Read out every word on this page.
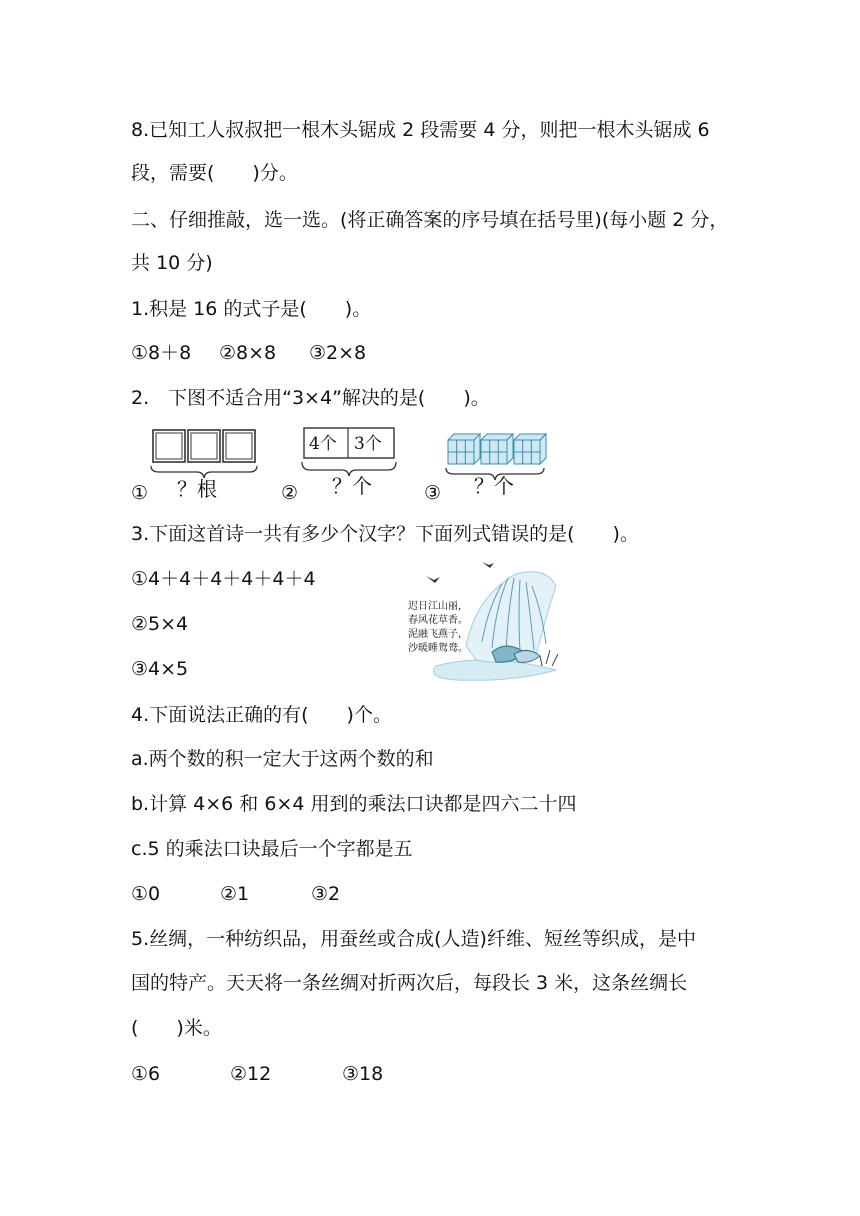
8.已知工人叔叔把一根木头锯成 2 段需要 4 分，则把一根木头锯成 6
段，需要(　　)分。
二、仔细推敲，选一选。(将正确答案的序号填在括号里)(每小题 2 分，
共 10 分)
1.积是 16 的式子是(　　)。
①8＋8 ②8×8 ③2×8
2.　下图不适合用“3×4”解决的是(　　)。
① ？根
4个 3个
② ？个	③ ？个
3.下面这首诗一共有多少个汉字？下面列式错误的是(　　)。
①4＋4＋4＋4＋4＋4
②5×4
③4×5
迟日江山丽，
春风花草香。
泥融飞燕子，
沙暖睡鸳鸯。
4.下面说法正确的有(　　)个。
a.两个数的积一定大于这两个数的和
b.计算 4×6 和 6×4 用到的乘法口诀都是四六二十四
c.5 的乘法口诀最后一个字都是五
①0	②1	③2
5.丝绸，一种纺织品，用蚕丝或合成(人造)纤维、短丝等织成，是中
国的特产。天天将一条丝绸对折两次后，每段长 3 米，这条丝绸长
(　　)米。
①6	②12	③18
